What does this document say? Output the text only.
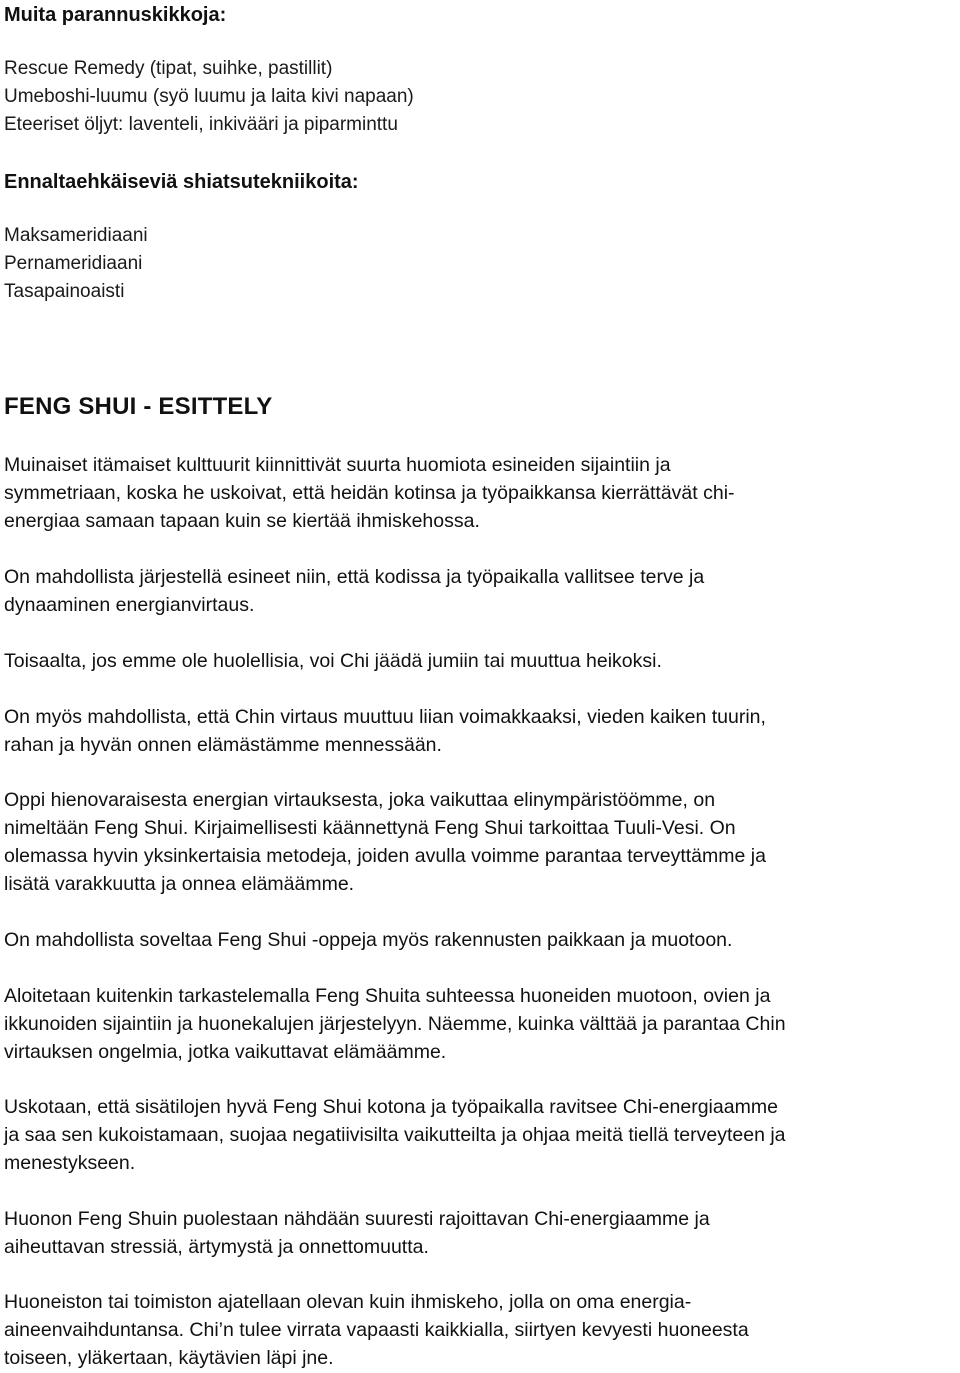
Muita parannuskikkoja:
Rescue Remedy (tipat, suihke, pastillit)
Umeboshi-luumu (syö luumu ja laita kivi napaan)
Eteeriset öljyt: laventeli, inkivääri ja piparminttu
Ennaltaehkäiseviä shiatsutekniikoita:
Maksameridiaani
Pernameridiaani
Tasapainoaisti
FENG SHUI - ESITTELY
Muinaiset itämaiset kulttuurit kiinnittivät suurta huomiota esineiden sijaintiin ja
symmetriaan, koska he uskoivat, että heidän kotinsa ja työpaikkansa kierrättävät chi-
energiaa samaan tapaan kuin se kiertää ihmiskehossa.
On mahdollista järjestellä esineet niin, että kodissa ja työpaikalla vallitsee terve ja
dynaaminen energianvirtaus.
Toisaalta, jos emme ole huolellisia, voi Chi jäädä jumiin tai muuttua heikoksi.
On myös mahdollista, että Chin virtaus muuttuu liian voimakkaaksi, vieden kaiken tuurin,
rahan ja hyvän onnen elämästämme mennessään.
Oppi hienovaraisesta energian virtauksesta, joka vaikuttaa elinympäristöömme, on
nimeltään Feng Shui. Kirjaimellisesti käännettynä Feng Shui tarkoittaa Tuuli-Vesi. On
olemassa hyvin yksinkertaisia metodeja, joiden avulla voimme parantaa terveyttämme ja
lisätä varakkuutta ja onnea elämäämme.
On mahdollista soveltaa Feng Shui -oppeja myös rakennusten paikkaan ja muotoon.
Aloitetaan kuitenkin tarkastelemalla Feng Shuita suhteessa huoneiden muotoon, ovien ja
ikkunoiden sijaintiin ja huonekalujen järjestelyyn. Näemme, kuinka välttää ja parantaa Chin
virtauksen ongelmia, jotka vaikuttavat elämäämme.
Uskotaan, että sisätilojen hyvä Feng Shui kotona ja työpaikalla ravitsee Chi-energiaamme
ja saa sen kukoistamaan, suojaa negatiivisilta vaikutteilta ja ohjaa meitä tiellä terveyteen ja
menestykseen.
Huonon Feng Shuin puolestaan nähdään suuresti rajoittavan Chi-energiaamme ja
aiheuttavan stressiä, ärtymystä ja onnettomuutta.
Huoneiston tai toimiston ajatellaan olevan kuin ihmiskeho, jolla on oma energia-
aineenvaihduntansa. Chi’n tulee virrata vapaasti kaikkialla, siirtyen kevyesti huoneesta
toiseen, yläkertaan, käytävien läpi jne.
